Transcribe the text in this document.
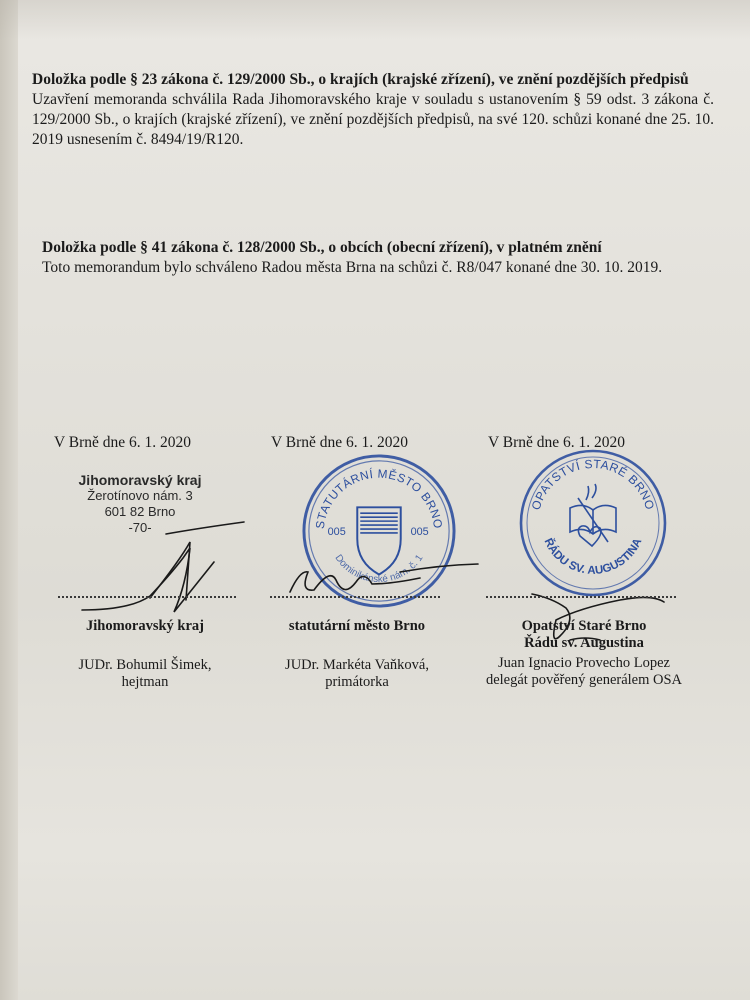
Doložka podle § 23 zákona č. 129/2000 Sb., o krajích (krajské zřízení), ve znění pozdějších předpisů
Uzavření memoranda schválila Rada Jihomoravského kraje v souladu s ustanovením § 59 odst. 3 zákona č. 129/2000 Sb., o krajích (krajské zřízení), ve znění pozdějších předpisů, na své 120. schůzi konané dne 25. 10. 2019 usnesením č. 8494/19/R120.
Doložka podle § 41 zákona č. 128/2000 Sb., o obcích (obecní zřízení), v platném znění
Toto memorandum bylo schváleno Radou města Brna na schůzi č. R8/047 konané dne 30. 10. 2019.
V Brně dne 6. 1. 2020	V Brně dne 6. 1. 2020	V Brně dne 6. 1. 2020
Jihomoravský kraj
Žerotínovo nám. 3
601 82 Brno
-70-	STATUTÁRNÍ MĚSTO BRNO
Dominikánské nám. č. 1
005	005
OPATSTVÍ STARÉ BRNO
ŘÁDU SV. AUGUSTINA
Jihomoravský kraj
JUDr. Bohumil Šimek,
hejtman
statutární město Brno
JUDr. Markéta Vaňková,
primátorka
Opatství Staré Brno
Řádu sv. Augustina
Juan Ignacio Provecho Lopez
delegát pověřený generálem OSA
